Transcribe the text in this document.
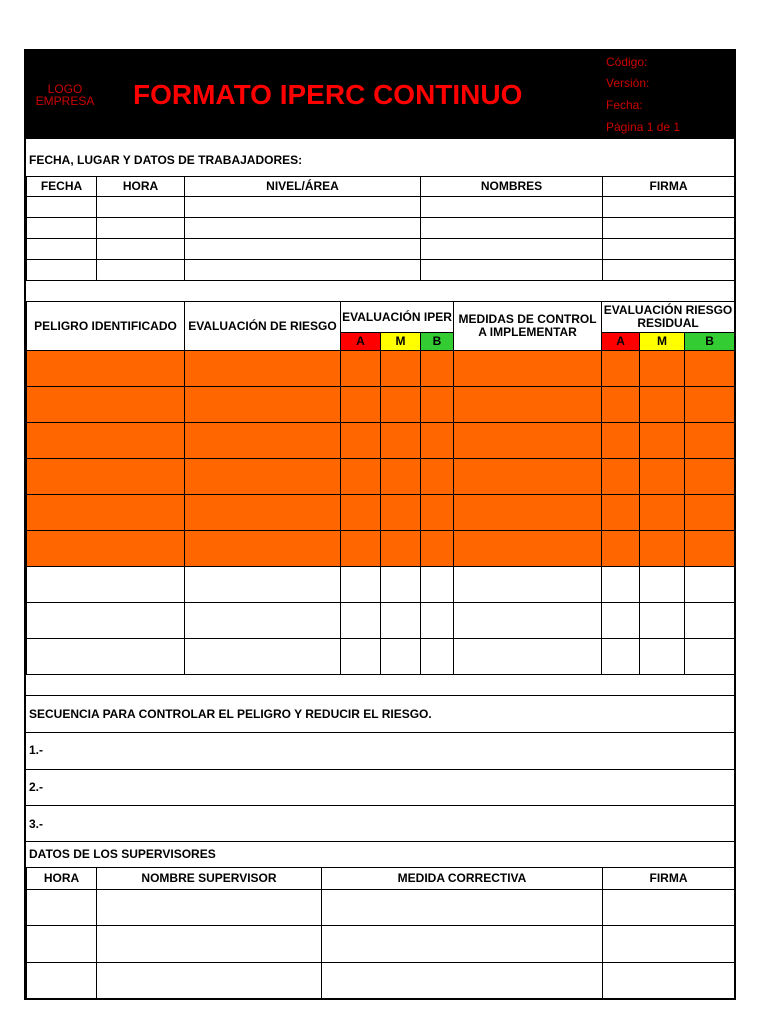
LOGO
EMPRESA FORMATO IPERC CONTINUO
Código:
Versión:
Fecha:
Página 1 de 1
FECHA, LUGAR Y DATOS DE TRABAJADORES:
FECHA	HORA	NIVEL/ÁREA	NOMBRES	FIRMA

PELIGRO IDENTIFICADO	EVALUACIÓN DE RIESGO	EVALUACIÓN IPER			MEDIDAS DE CONTROL A IMPLEMENTAR	EVALUACIÓN RIESGO RESIDUAL		
		A	M	B		A	M	B

SECUENCIA PARA CONTROLAR EL PELIGRO Y REDUCIR EL RIESGO.
1.-
2.-
3.-
DATOS DE LOS SUPERVISORES
HORA	NOMBRE SUPERVISOR	MEDIDA CORRECTIVA	FIRMA
